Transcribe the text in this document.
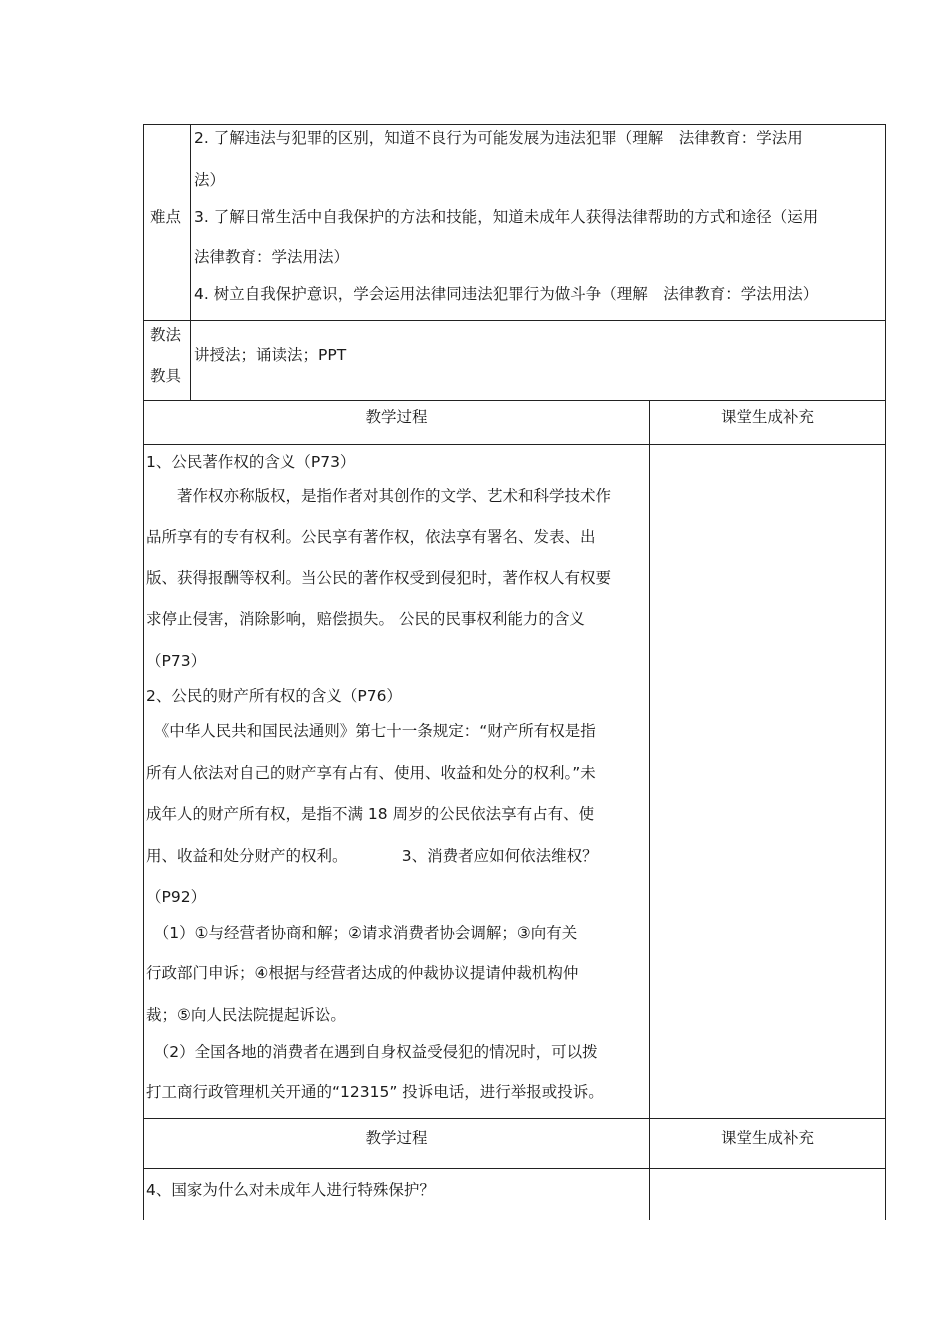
难点
2. 了解违法与犯罪的区别，知道不良行为可能发展为违法犯罪（理解　法律教育：学法用
法）
3. 了解日常生活中自我保护的方法和技能，知道未成年人获得法律帮助的方式和途径（运用
法律教育：学法用法）
4. 树立自我保护意识，学会运用法律同违法犯罪行为做斗争（理解　法律教育：学法用法）
教法
教具
讲授法；诵读法；PPT
教学过程	课堂生成补充
1、公民著作权的含义（P73）
　　著作权亦称版权，是指作者对其创作的文学、艺术和科学技术作
品所享有的专有权利。公民享有著作权，依法享有署名、发表、出
版、获得报酬等权利。当公民的著作权受到侵犯时，著作权人有权要
求停止侵害，消除影响，赔偿损失。 公民的民事权利能力的含义
（P73）
2、公民的财产所有权的含义（P76）
　《中华人民共和国民法通则》第七十一条规定：“财产所有权是指
所有人依法对自己的财产享有占有、使用、收益和处分的权利。”未
成年人的财产所有权，是指不满 18 周岁的公民依法享有占有、使
用、收益和处分财产的权利。　　　　3、消费者应如何依法维权？
（P92）
　（1）①与经营者协商和解；②请求消费者协会调解；③向有关
行政部门申诉；④根据与经营者达成的仲裁协议提请仲裁机构仲
裁；⑤向人民法院提起诉讼。
　（2）全国各地的消费者在遇到自身权益受侵犯的情况时，可以拨
打工商行政管理机关开通的“12315” 投诉电话，进行举报或投诉。
教学过程	课堂生成补充
4、国家为什么对未成年人进行特殊保护？
